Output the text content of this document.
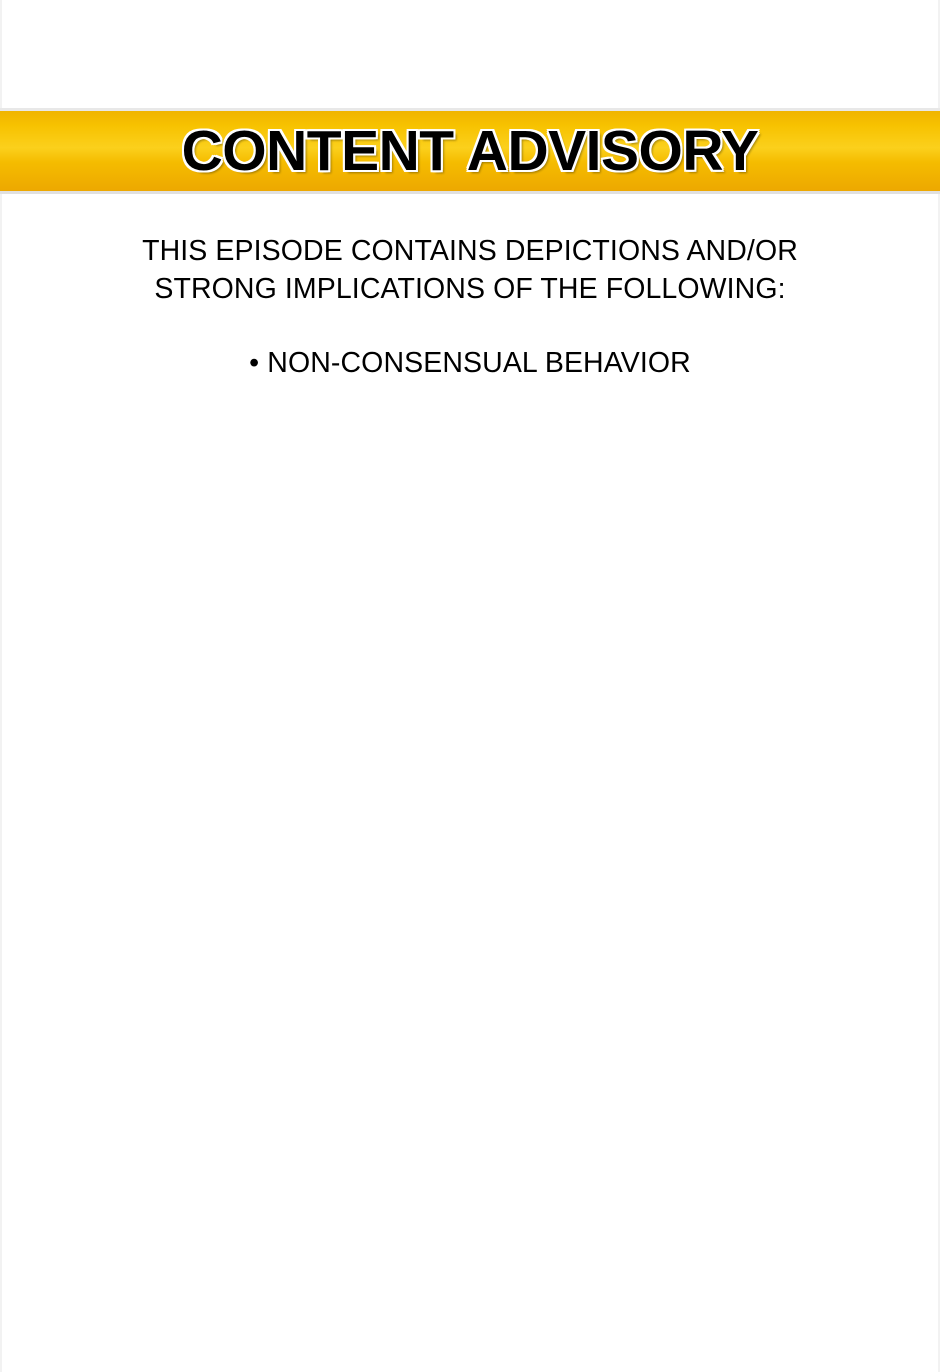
CONTENT ADVISORY
THIS EPISODE CONTAINS DEPICTIONS AND/OR
STRONG IMPLICATIONS OF THE FOLLOWING:
• NON-CONSENSUAL BEHAVIOR
